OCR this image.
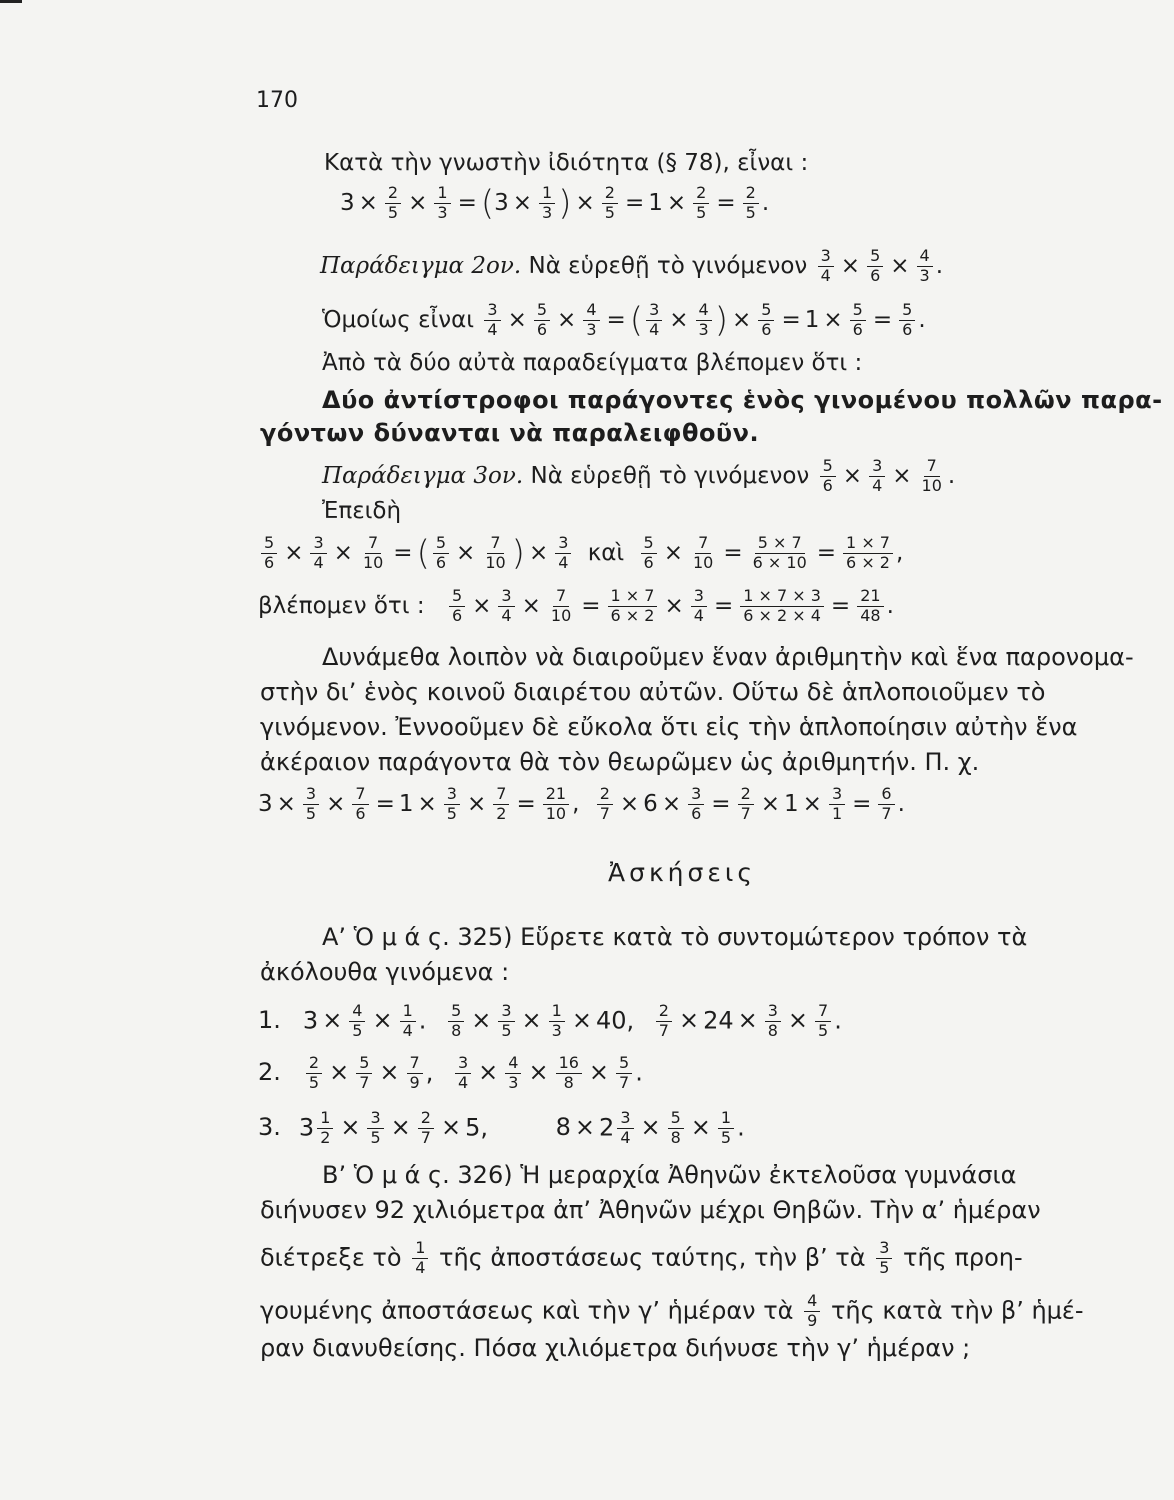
170
Κατὰ τὴν γνωστὴν ἰδιότητα (§ 78), εἶναι :
$3 \times \frac{2}{5} \times \frac{1}{3} = (3 \times \frac{1}{3}$ ) × $\frac{2}{5} = 1 \times \frac{2}{5} = \frac{2}{5}$ .
Παράδειγμα 2ον. Νὰ εὑρεθῇ τὸ γινόμενον $\frac{3}{4} \times \frac{5}{6} \times \frac{4}{3}$ .
Ὁμοίως εἶναι $\frac{3}{4} \times \frac{5}{6} \times \frac{4}{3}$ = ( $\frac{3}{4} \times \frac{4}{3}$ ) × $\frac{5}{6} = 1 \times \frac{5}{6} = \frac{5}{6}$ .
Ἀπὸ τὰ δύο αὐτὰ παραδείγματα βλέπομεν ὅτι :
Δύο ἀντίστροφοι παράγοντες ἑνὸς γινομένου πολλῶν παρα-
γόντων δύνανται νὰ παραλειφθοῦν.
Παράδειγμα 3ον. Νὰ εὑρεθῇ τὸ γινόμενον $\frac{5}{6} \times \frac{3}{4} \times \frac{7}{10}$ .
Ἐπειδὴ
$\frac{5}{6} \times \frac{3}{4} \times \frac{7}{10}$ = ( $\frac{5}{6} \times \frac{7}{10}$ ) × $\frac{3}{4}$ καὶ $\frac{5}{6} \times \frac{7}{10} = \frac{5 \times 7}{6 \times 10} = \frac{1 \times 7}{6 \times 2}$ ,
βλέπομεν ὅτι : $\frac{5}{6} \times \frac{3}{4} \times \frac{7}{10} = \frac{1 \times 7}{6 \times 2} \times \frac{3}{4} = \frac{1 \times 7 \times 3}{6 \times 2 \times 4} = \frac{21}{48}$ .
Δυνάμεθα λοιπὸν νὰ διαιροῦμεν ἕναν ἀριθμητὴν καὶ ἕνα παρονομα-
στὴν δι’ ἑνὸς κοινοῦ διαιρέτου αὐτῶν. Οὕτω δὲ ἁπλοποιοῦμεν τὸ
γινόμενον. Ἐννοοῦμεν δὲ εὔκολα ὅτι εἰς τὴν ἁπλοποίησιν αὐτὴν ἕνα
ἀκέραιον παράγοντα θὰ τὸν θεωρῶμεν ὡς ἀριθμητήν. Π. χ.
$3 \times \frac{3}{5} \times \frac{7}{6} = 1 \times \frac{3}{5} \times \frac{7}{2} = \frac{21}{10}$ , $\frac{2}{7} \times 6 \times \frac{3}{6} = \frac{2}{7} \times 1 \times \frac{3}{1} = \frac{6}{7}$ .
Ἀσκήσεις
Α’ Ὁ μ ά ς. 325) Εὕρετε κατὰ τὸ συντομώτερον τρόπον τὰ
ἀκόλουθα γινόμενα :
1. $3 \times \frac{4}{5} \times \frac{1}{4}$ . $\frac{5}{8} \times \frac{3}{5} \times \frac{1}{3} \times 40$, $\frac{2}{7} \times 24 \times \frac{3}{8} \times \frac{7}{5}$ .
2. $\frac{2}{5} \times \frac{5}{7} \times \frac{7}{9}$ , $\frac{3}{4} \times \frac{4}{3} \times \frac{16}{8} \times \frac{5}{7}$ .
3. $3 \frac{1}{2} \times \frac{3}{5} \times \frac{2}{7} \times 5$,	$8 \times 2 \frac{3}{4} \times \frac{5}{8} \times \frac{1}{5}$ .
Β’ Ὁ μ ά ς. 326) Ἡ μεραρχία Ἀθηνῶν ἐκτελοῦσα γυμνάσια
διήνυσεν 92 χιλιόμετρα ἀπ’ Ἀθηνῶν μέχρι Θηβῶν. Τὴν α’ ἡμέραν
διέτρεξε τὸ $\frac{1}{4}$ τῆς ἀποστάσεως ταύτης, τὴν β’ τὰ $\frac{3}{5}$ τῆς προη-
γουμένης ἀποστάσεως καὶ τὴν γ’ ἡμέραν τὰ $\frac{4}{9}$ τῆς κατὰ τὴν β’ ἡμέ-
ραν διανυθείσης. Πόσα χιλιόμετρα διήνυσε τὴν γ’ ἡμέραν ;
